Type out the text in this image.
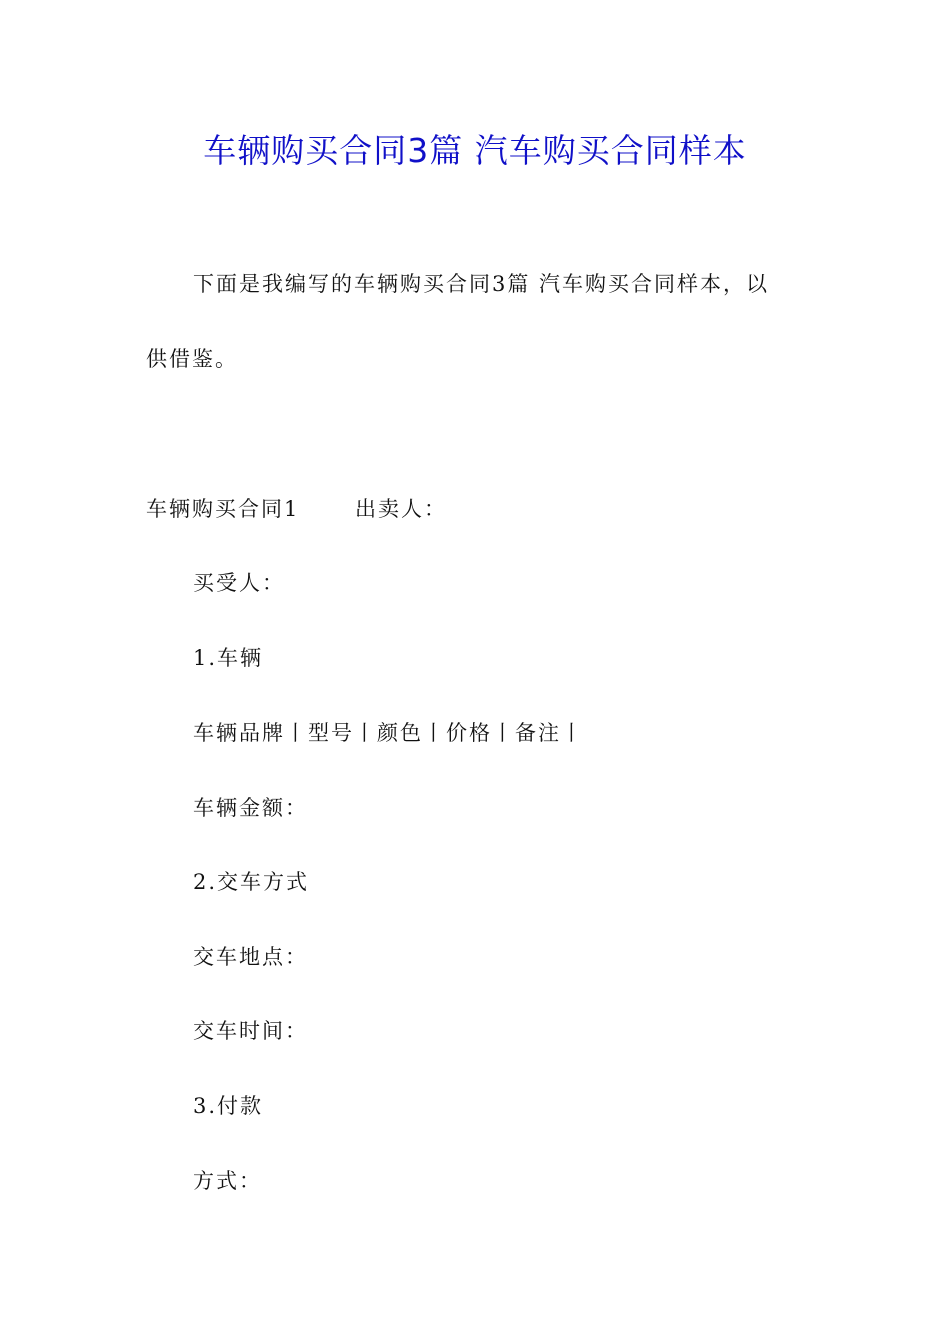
车辆购买合同3篇 汽车购买合同样本
下面是我编写的车辆购买合同3篇 汽车购买合同样本，以
供借鉴。
车辆购买合同1	出卖人：
买受人：
1.车辆
车辆品牌丨型号丨颜色丨价格丨备注丨
车辆金额：
2.交车方式
交车地点：
交车时间：
3.付款
方式：
